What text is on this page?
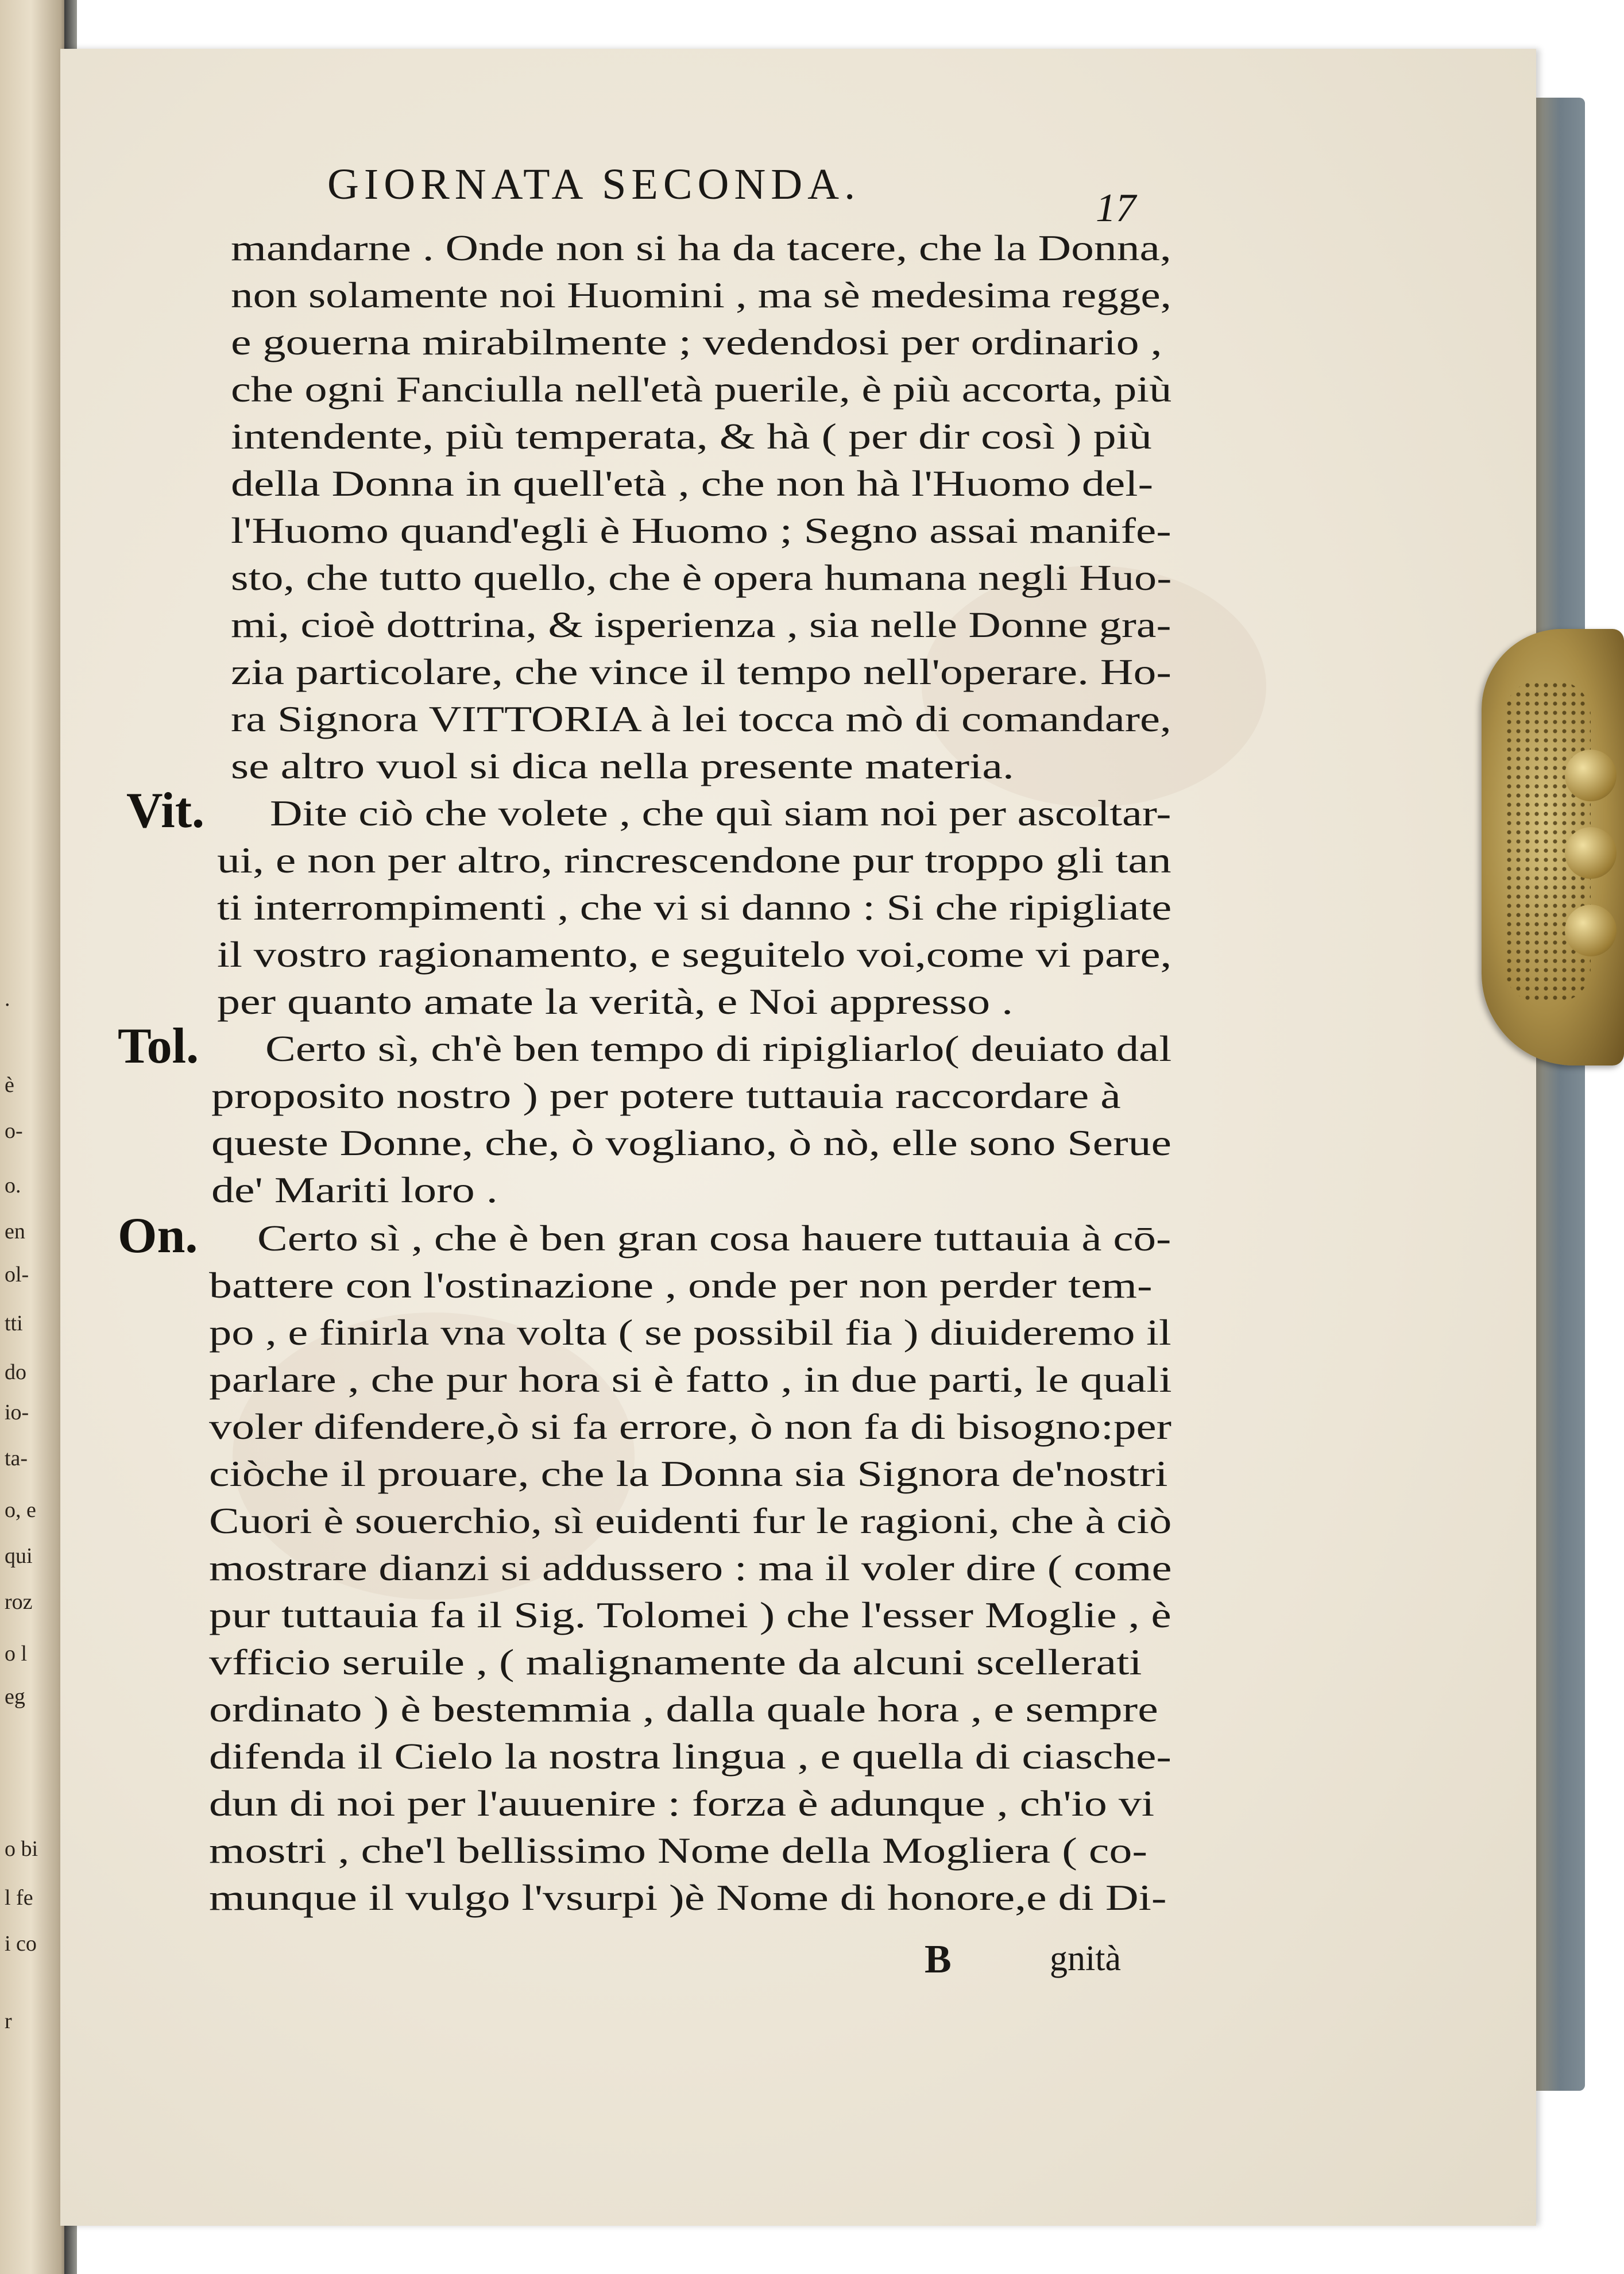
.
è
o-
o.
en
ol-
tti
do
io-
ta-
o, e
qui
roz
o l
eg
o bi
l fe
i co
r
GIORNATA SECONDA.	17
mandarne . Onde non si ha da tacere, che la Donna,
non solamente noi Huomini , ma sè medesima regge,
e gouerna mirabilmente ; vedendosi per ordinario ,
che ogni Fanciulla nell'età puerile, è più accorta, più
intendente, più temperata, & hà ( per dir così ) più
della Donna in quell'età , che non hà l'Huomo del-
l'Huomo quand'egli è Huomo ; Segno assai manife-
sto, che tutto quello, che è opera humana negli Huo-
mi, cioè dottrina, & isperienza , sia nelle Donne gra-
zia particolare, che vince il tempo nell'operare. Ho-
ra Signora VITTORIA à lei tocca mò di comandare,
se altro vuol si dica nella presente materia.
Vit. Dite ciò che volete , che quì siam noi per ascoltar-
ui, e non per altro, rincrescendone pur troppo gli tan
ti interrompimenti , che vi si danno : Si che ripigliate
il vostro ragionamento, e seguitelo voi,come vi pare,
per quanto amate la verità, e Noi appresso .
Tol. Certo sì, ch'è ben tempo di ripigliarlo( deuiato dal
proposito nostro ) per potere tuttauia raccordare à
queste Donne, che, ò vogliano, ò nò, elle sono Serue
de' Mariti loro .
On. Certo sì , che è ben gran cosa hauere tuttauia à cō-
battere con l'ostinazione , onde per non perder tem-
po , e finirla vna volta ( se possibil fia ) diuideremo il
parlare , che pur hora si è fatto , in due parti, le quali
voler difendere,ò si fa errore, ò non fa di bisogno:per
ciòche il prouare, che la Donna sia Signora de'nostri
Cuori è souerchio, sì euidenti fur le ragioni, che à ciò
mostrare dianzi si addussero : ma il voler dire ( come
pur tuttauia fa il Sig. Tolomei ) che l'esser Moglie , è
vfficio seruile , ( malignamente da alcuni scellerati
ordinato ) è bestemmia , dalla quale hora , e sempre
difenda il Cielo la nostra lingua , e quella di ciasche-
dun di noi per l'auuenire : forza è adunque , ch'io vi
mostri , che'l bellissimo Nome della Mogliera ( co-
munque il vulgo l'vsurpi )è Nome di honore,e di Di-
B	gnità
